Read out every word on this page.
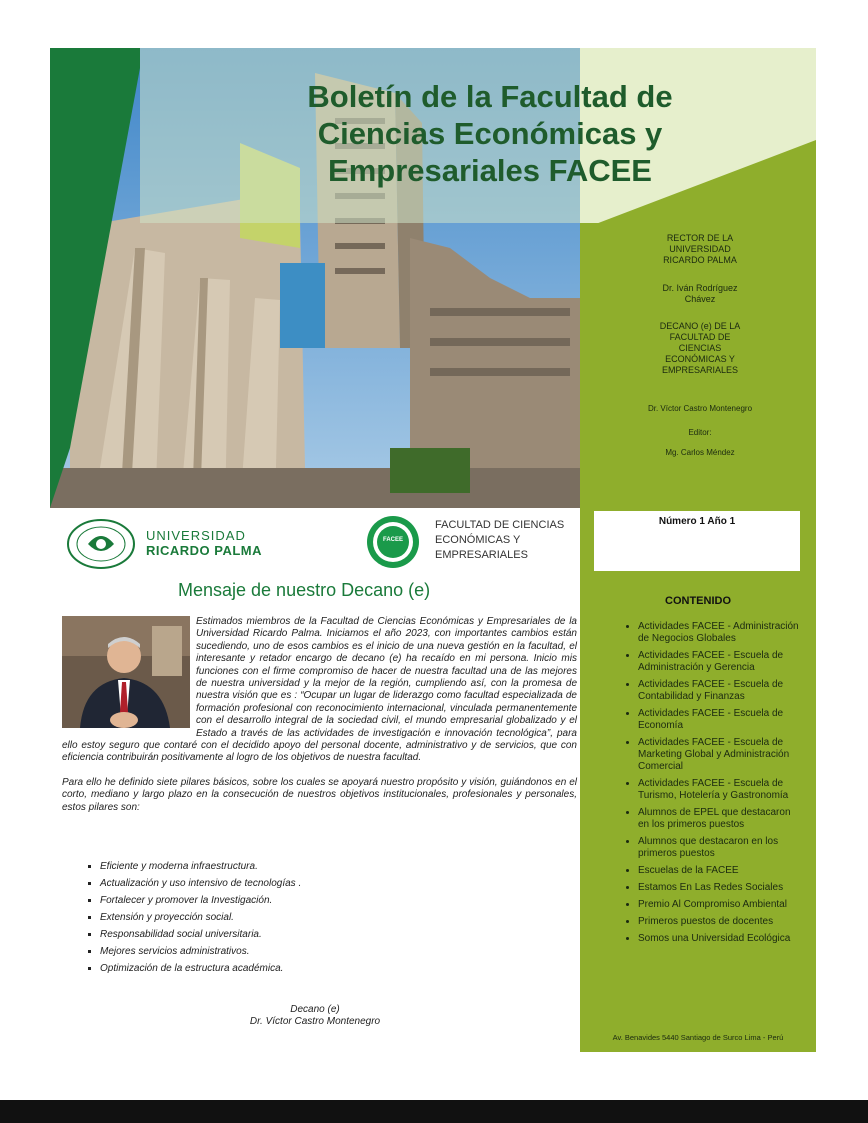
Boletín de la Facultad de
Ciencias Económicas y
Empresariales FACEE
RECTOR DE LA UNIVERSIDAD RICARDO PALMA
Dr. Iván Rodríguez Chávez
DECANO (e) DE LA FACULTAD DE CIENCIAS ECONÓMICAS Y EMPRESARIALES
Dr. Víctor Castro Montenegro
Editor:
Mg. Carlos Méndez
Número 1 Año 1
CONTENIDO
• Actividades FACEE - Administración de Negocios Globales
• Actividades FACEE - Escuela de Administración y Gerencia
• Actividades FACEE - Escuela de Contabilidad y Finanzas
• Actividades FACEE - Escuela de Economía
• Actividades FACEE - Escuela de Marketing Global y Administración Comercial
• Actividades FACEE - Escuela de Turismo, Hotelería y Gastronomía
• Alumnos de EPEL que destacaron en los primeros puestos
• Alumnos que destacaron en los primeros puestos
• Escuelas de la FACEE
• Estamos En Las Redes Sociales
• Premio Al Compromiso Ambiental
• Primeros puestos de docentes
• Somos una Universidad Ecológica
Av. Benavides 5440 Santiago de Surco Lima - Perú
UNIVERSIDAD
RICARDO PALMA
FACEE
FACULTAD DE CIENCIAS
ECONÓMICAS Y
EMPRESARIALES
Mensaje de nuestro Decano (e)
Estimados miembros de la Facultad de Ciencias Económicas y Empresariales de la Universidad Ricardo Palma. Iniciamos el año 2023, con importantes cambios están sucediendo, uno de esos cambios es el inicio de una nueva gestión en la facultad, el interesante y retador encargo de decano (e) ha recaído en mi persona. Inicio mis funciones con el firme compromiso de hacer de nuestra facultad una de las mejores de nuestra universidad y la mejor de la región, cumpliendo así, con la promesa de nuestra visión que es : “Ocupar un lugar de liderazgo como facultad especializada de formación profesional con reconocimiento internacional, vinculada permanentemente con el desarrollo integral de la sociedad civil, el mundo empresarial globalizado y el Estado a través de las actividades de investigación e innovación tecnológica”, para ello estoy seguro que contaré con el decidido apoyo del personal docente, administrativo y de servicios, que con eficiencia contribuirán positivamente al logro de los objetivos de nuestra facultad.
Para ello he definido siete pilares básicos, sobre los cuales se apoyará nuestro propósito y visión, guiándonos en el corto, mediano y largo plazo en la consecución de nuestros objetivos institucionales, profesionales y personales, estos pilares son:
▪ Eficiente y moderna infraestructura.
▪ Actualización y uso intensivo de tecnologías .
▪ Fortalecer y promover la Investigación.
▪ Extensión y proyección social.
▪ Responsabilidad social universitaria.
▪ Mejores servicios administrativos.
▪ Optimización de la estructura académica.
Decano (e)
Dr. Víctor Castro Montenegro
